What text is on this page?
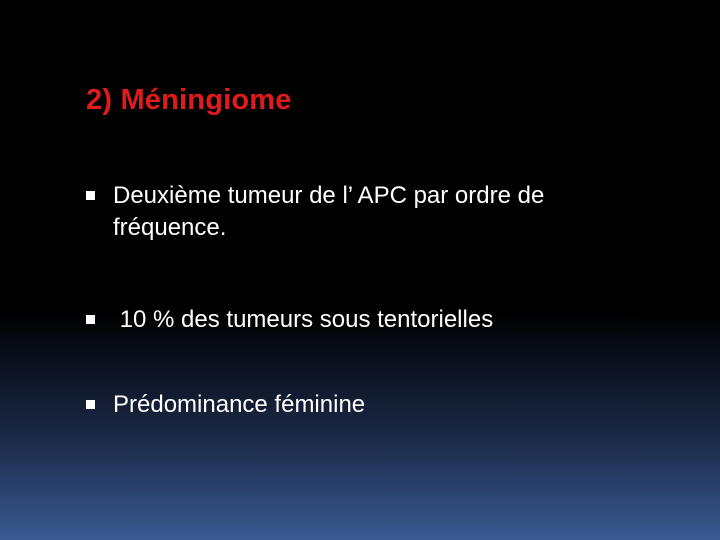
2) Méningiome
Deuxième tumeur de l’ APC par ordre de fréquence.
10 % des tumeurs sous tentorielles
Prédominance féminine
